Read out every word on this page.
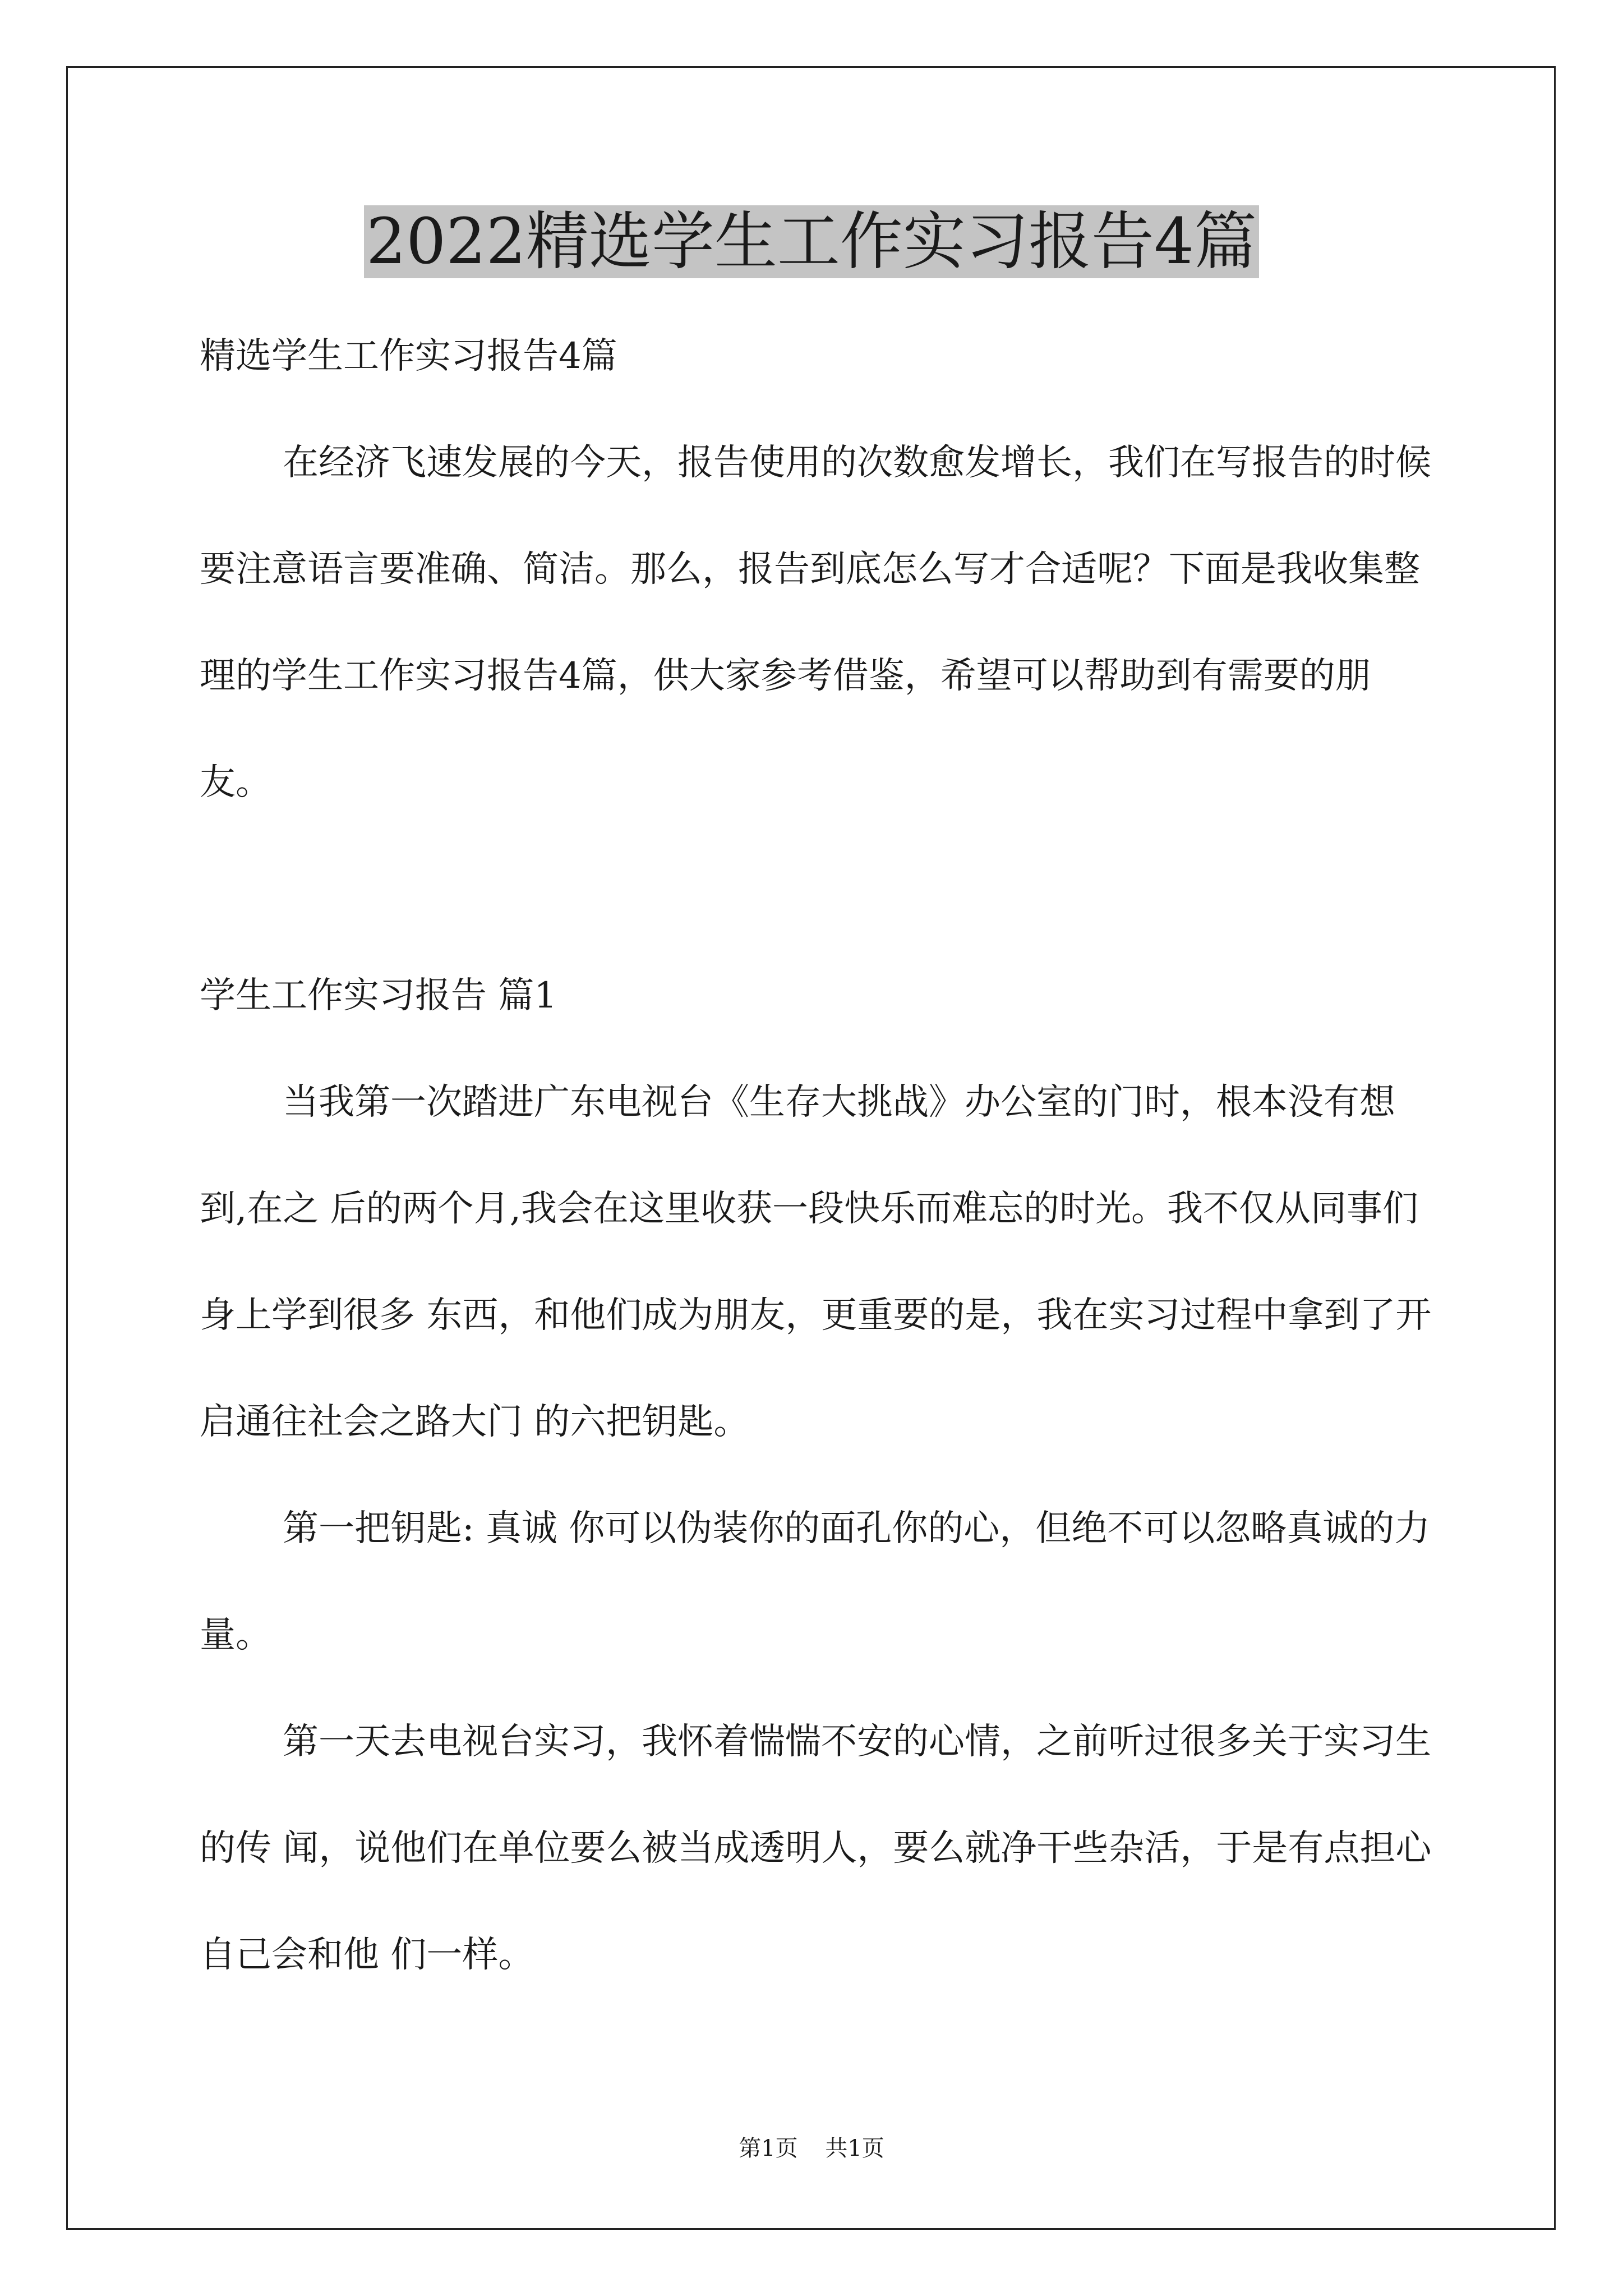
2022精选学生工作实习报告4篇

精选学生工作实习报告4篇

在经济飞速发展的今天，报告使用的次数愈发增长，我们在写报告的时候要注意语言要准确、简洁。那么，报告到底怎么写才合适呢？下面是我收集整理的学生工作实习报告4篇，供大家参考借鉴，希望可以帮助到有需要的朋友。

学生工作实习报告 篇1

当我第一次踏进广东电视台《生存大挑战》办公室的门时，根本没有想到,在之 后的两个月,我会在这里收获一段快乐而难忘的时光。我不仅从同事们身上学到很多 东西，和他们成为朋友，更重要的是，我在实习过程中拿到了开启通往社会之路大门 的六把钥匙。

第一把钥匙: 真诚 你可以伪装你的面孔你的心，但绝不可以忽略真诚的力量。

第一天去电视台实习，我怀着惴惴不安的心情，之前听过很多关于实习生的传 闻，说他们在单位要么被当成透明人，要么就净干些杂活，于是有点担心自己会和他 们一样。

第1页 共1页
